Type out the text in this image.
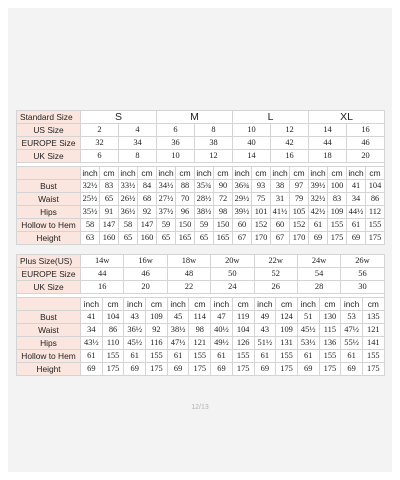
Standard Size	S				M				L				XL			
US Size	2		4		6		8		10		12		14		16	
EUROPE Size	32		34		36		38		40		42		44		46	
UK Size	6		8		10		12		14		16		18		20	

	inch	cm	inch	cm	inch	cm	inch	cm	inch	cm	inch	cm	inch	cm	inch	cm
Bust	32½	83	33½	84	34½	88	35¾	90	36¾	93	38	97	39½	100	41	104
Waist	25½	65	26½	68	27½	70	28½	72	29½	75	31	79	32½	83	34	86
Hips	35½	91	36½	92	37½	96	38½	98	39½	101	41½	105	42½	109	44½	112
Hollow to Hem	58	147	58	147	59	150	59	150	60	152	60	152	61	155	61	155
Height	63	160	65	160	65	165	65	165	67	170	67	170	69	175	69	175
Plus Size(US)	14w		16w		18w		20w		22w		24w		26w	
EUROPE Size	44		46		48		50		52		54		56	
UK Size	16		20		22		24		26		28		30	

	inch	cm	inch	cm	inch	cm	inch	cm	inch	cm	inch	cm	inch	cm
Bust	41	104	43	109	45	114	47	119	49	124	51	130	53	135
Waist	34	86	36½	92	38½	98	40½	104	43	109	45½	115	47½	121
Hips	43½	110	45½	116	47½	121	49½	126	51½	131	53½	136	55½	141
Hollow to Hem	61	155	61	155	61	155	61	155	61	155	61	155	61	155
Height	69	175	69	175	69	175	69	175	69	175	69	175	69	175
12/13
